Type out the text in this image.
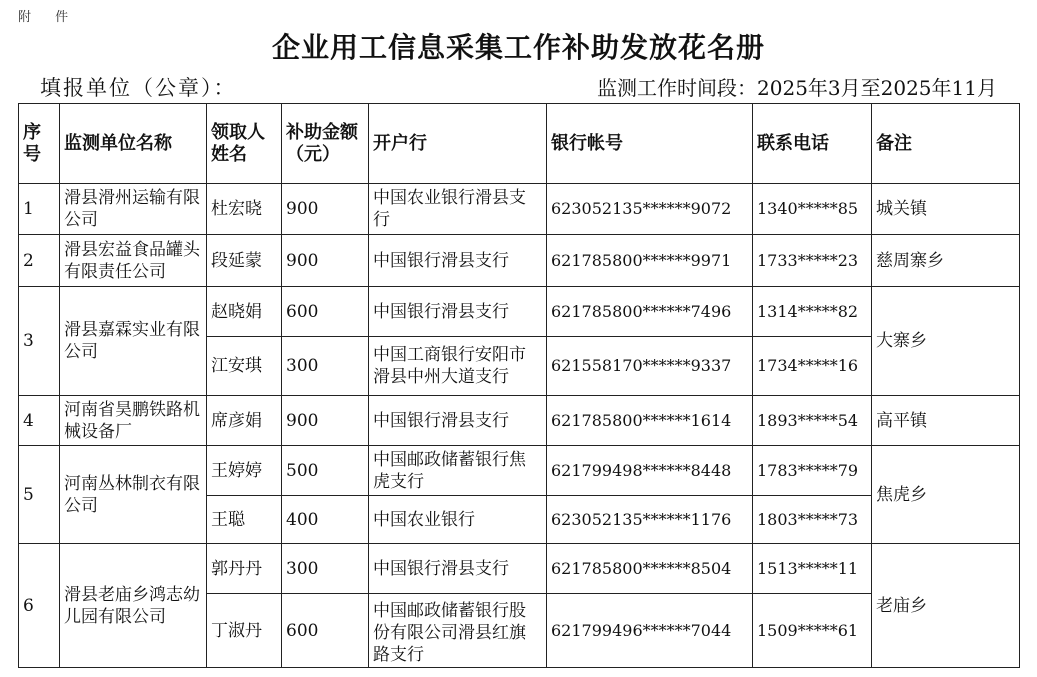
附 件
企业用工信息采集工作补助发放花名册
填报单位（公章）：	监测工作时间段：2025年3月至2025年11月
序号	监测单位名称	领取人姓名	补助金额（元）	开户行	银行帐号	联系电话	备注
1	滑县滑州运输有限公司	杜宏晓	900	中国农业银行滑县支行	623052135******9072	1340*****85	城关镇
2	滑县宏益食品罐头有限责任公司	段延蒙	900	中国银行滑县支行	621785800******9971	1733*****23	慈周寨乡
3	滑县嘉霖实业有限公司	赵晓娟	600	中国银行滑县支行	621785800******7496	1314*****82	大寨乡
		江安琪	300	中国工商银行安阳市滑县中州大道支行	621558170******9337	1734*****16	
4	河南省昊鹏铁路机械设备厂	席彦娟	900	中国银行滑县支行	621785800******1614	1893*****54	高平镇
5	河南丛林制衣有限公司	王婷婷	500	中国邮政储蓄银行焦虎支行	621799498******8448	1783*****79	焦虎乡
		王聪	400	中国农业银行	623052135******1176	1803*****73	
6	滑县老庙乡鸿志幼儿园有限公司	郭丹丹	300	中国银行滑县支行	621785800******8504	1513*****11	老庙乡
		丁淑丹	600	中国邮政储蓄银行股份有限公司滑县红旗路支行	621799496******7044	1509*****61	
